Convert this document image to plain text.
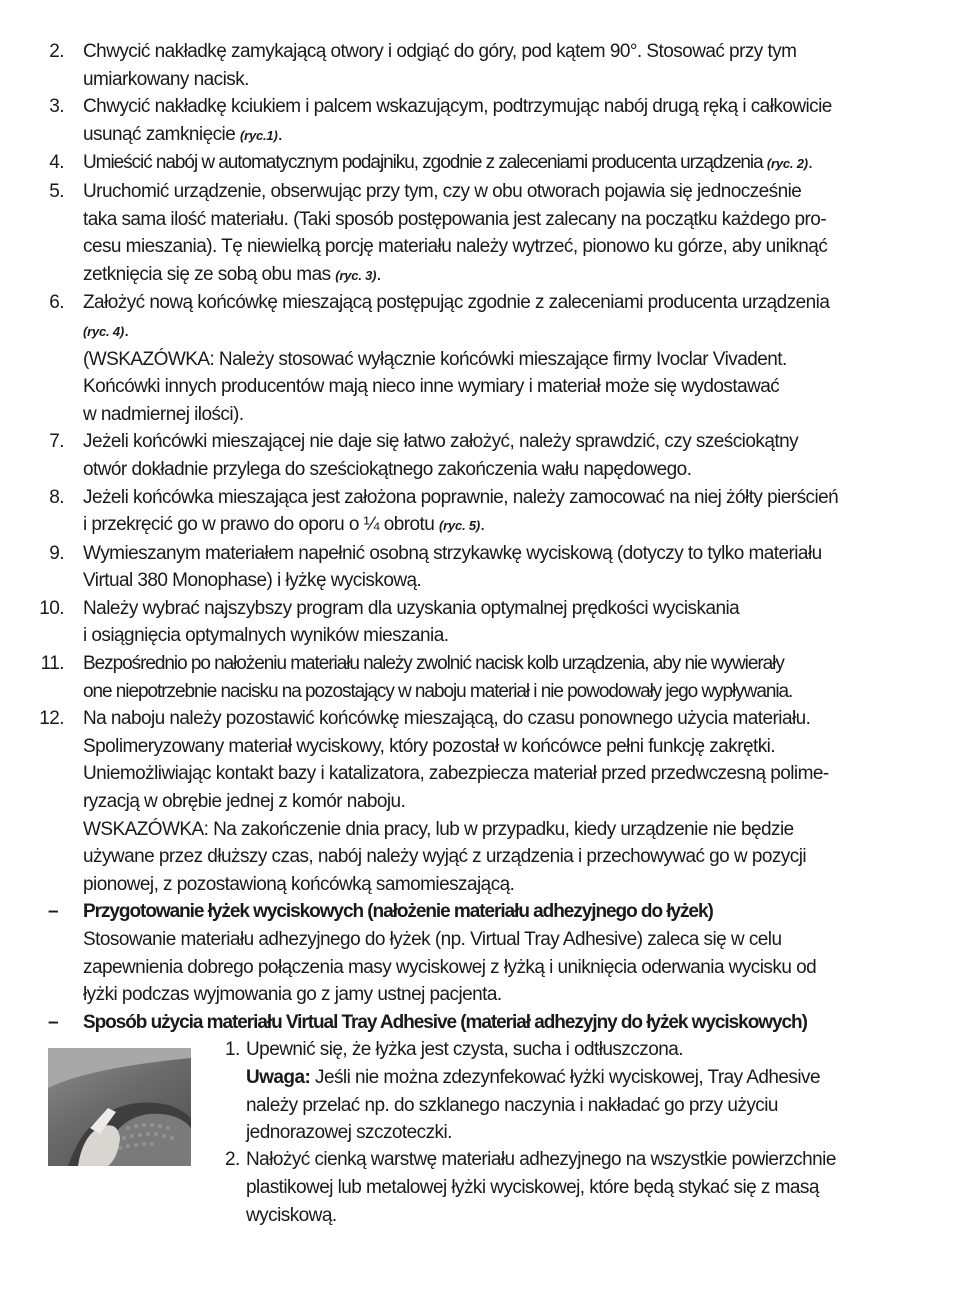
2. Chwycić nakładkę zamykającą otwory i odgiąć do góry, pod kątem 90°. Stosować przy tym
umiarkowany nacisk.
3. Chwycić nakładkę kciukiem i palcem wskazującym, podtrzymując nabój drugą ręką i całkowicie
usunąć zamknięcie (ryc.1).
4. Umieścić nabój w automatycznym podajniku, zgodnie z zaleceniami producenta urządzenia (ryc. 2).
5. Uruchomić urządzenie, obserwując przy tym, czy w obu otworach pojawia się jednocześnie
taka sama ilość materiału. (Taki sposób postępowania jest zalecany na początku każdego pro-
cesu mieszania). Tę niewielką porcję materiału należy wytrzeć, pionowo ku górze, aby uniknąć
zetknięcia się ze sobą obu mas (ryc. 3).
6. Założyć nową końcówkę mieszającą postępując zgodnie z zaleceniami producenta urządzenia
(ryc. 4).
(WSKAZÓWKA: Należy stosować wyłącznie końcówki mieszające firmy Ivoclar Vivadent.
Końcówki innych producentów mają nieco inne wymiary i materiał może się wydostawać
w nadmiernej ilości).
7. Jeżeli końcówki mieszającej nie daje się łatwo założyć, należy sprawdzić, czy sześciokątny
otwór dokładnie przylega do sześciokątnego zakończenia wału napędowego.
8. Jeżeli końcówka mieszająca jest założona poprawnie, należy zamocować na niej żółty pierścień
i przekręcić go w prawo do oporu o ¼ obrotu (ryc. 5).
9. Wymieszanym materiałem napełnić osobną strzykawkę wyciskową (dotyczy to tylko materiału
Virtual 380 Monophase) i łyżkę wyciskową.
10. Należy wybrać najszybszy program dla uzyskania optymalnej prędkości wyciskania
i osiągnięcia optymalnych wyników mieszania.
11. Bezpośrednio po nałożeniu materiału należy zwolnić nacisk kolb urządzenia, aby nie wywierały
one niepotrzebnie nacisku na pozostający w naboju materiał i nie powodowały jego wypływania.
12. Na naboju należy pozostawić końcówkę mieszającą, do czasu ponownego użycia materiału.
Spolimeryzowany materiał wyciskowy, który pozostał w końcówce pełni funkcję zakrętki.
Uniemożliwiając kontakt bazy i katalizatora, zabezpiecza materiał przed przedwczesną polime-
ryzacją w obrębie jednej z komór naboju.
WSKAZÓWKA: Na zakończenie dnia pracy, lub w przypadku, kiedy urządzenie nie będzie
używane przez dłuższy czas, nabój należy wyjąć z urządzenia i przechowywać go w pozycji
pionowej, z pozostawioną końcówką samomieszającą.
– Przygotowanie łyżek wyciskowych (nałożenie materiału adhezyjnego do łyżek)
Stosowanie materiału adhezyjnego do łyżek (np. Virtual Tray Adhesive) zaleca się w celu
zapewnienia dobrego połączenia masy wyciskowej z łyżką i uniknięcia oderwania wycisku od
łyżki podczas wyjmowania go z jamy ustnej pacjenta.
– Sposób użycia materiału Virtual Tray Adhesive (materiał adhezyjny do łyżek wyciskowych)
1. Upewnić się, że łyżka jest czysta, sucha i odtłuszczona.
Uwaga: Jeśli nie można zdezynfekować łyżki wyciskowej, Tray Adhesive
należy przelać np. do szklanego naczynia i nakładać go przy użyciu
jednorazowej szczoteczki.
2. Nałożyć cienką warstwę materiału adhezyjnego na wszystkie powierzchnie
plastikowej lub metalowej łyżki wyciskowej, które będą stykać się z masą
wyciskową.
